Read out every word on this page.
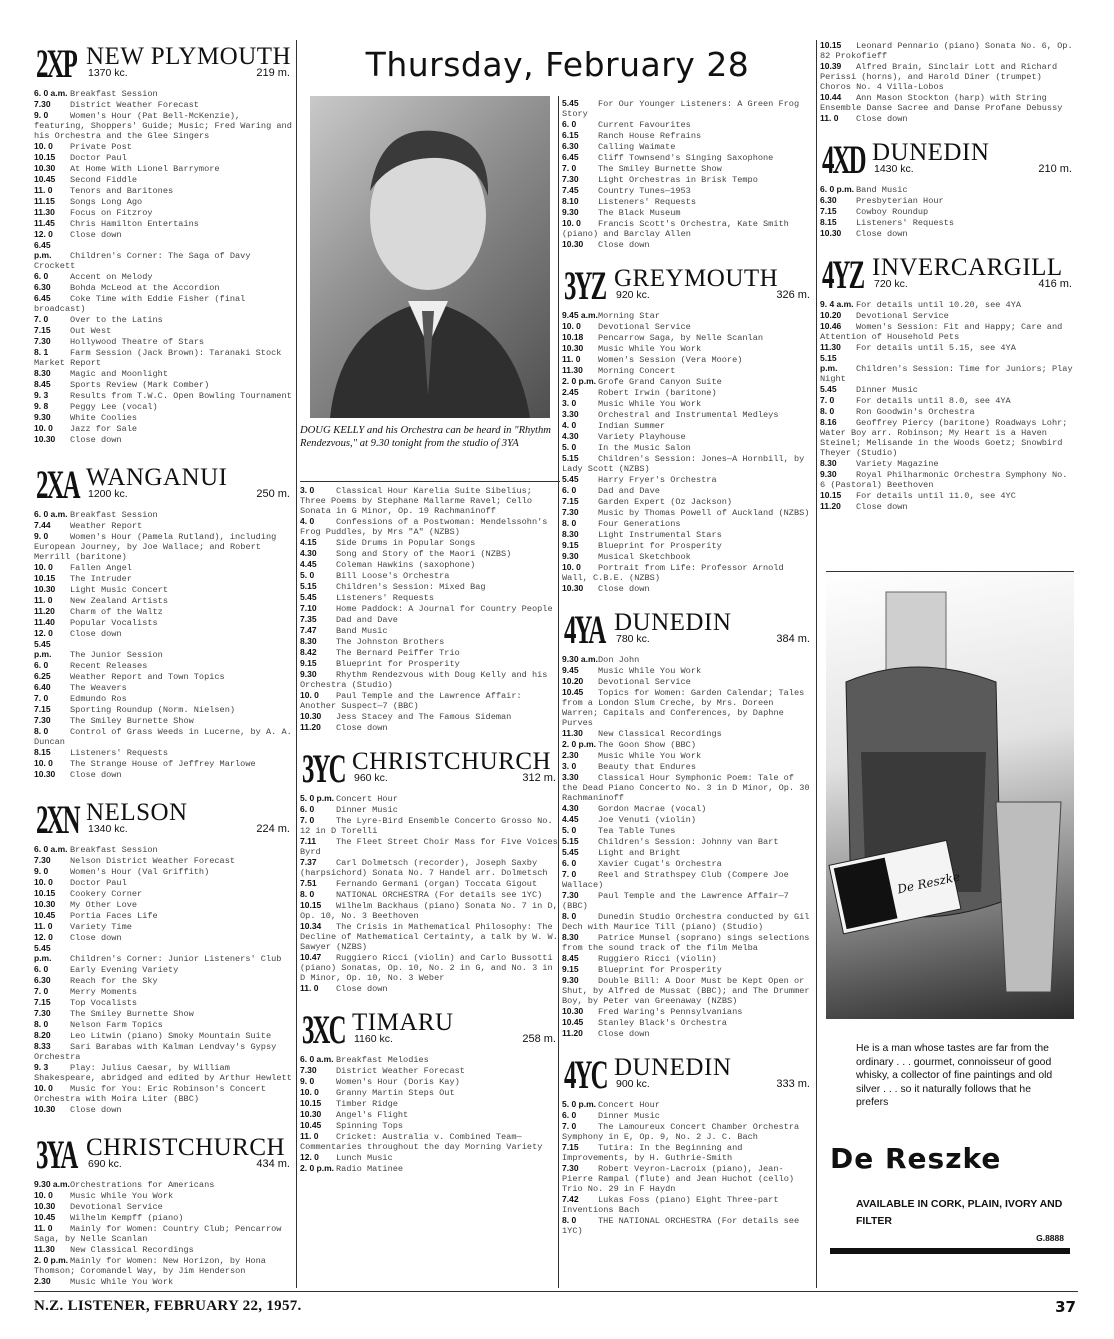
Thursday, February 28
2XP NEW PLYMOUTH
1370 kc.	219 m.
6. 0 a.m. Breakfast Session
7.30 District Weather Forecast
9. 0	Women's Hour (Pat Bell-McKenzie), featuring, Shoppers' Guide; Music; Fred Waring and his Orchestra and the Glee Singers
10. 0 Private Post
10.15 Doctor Paul
10.30 At Home With Lionel Barrymore
10.45 Second Fiddle
11. 0 Tenors and Baritones
11.15 Songs Long Ago
11.30 Focus on Fitzroy
11.45 Chris Hamilton Entertains
12. 0 Close down
6.45 p.m. Children's Corner: The Saga of Davy Crockett
6. 0	Accent on Melody
6.30 Bohda McLeod at the Accordion
6.45 Coke Time with Eddie Fisher (final broadcast)
7. 0	Over to the Latins
7.15 Out West
7.30 Hollywood Theatre of Stars
8. 1	Farm Session (Jack Brown): Taranaki Stock Market Report
8.30 Magic and Moonlight
8.45 Sports Review (Mark Comber)
9. 3	Results from T.W.C. Open Bowling Tournament
9. 8	Peggy Lee (vocal)
9.30 White Coolies
10. 0 Jazz for Sale
10.30 Close down
2XA WANGANUI
1200 kc.	250 m.
6. 0 a.m. Breakfast Session
7.44 Weather Report
9. 0	Women's Hour (Pamela Rutland), including European Journey, by Joe Wallace; and Robert Merrill (baritone)
10. 0 Fallen Angel
10.15 The Intruder
10.30 Light Music Concert
11. 0 New Zealand Artists
11.20 Charm of the Waltz
11.40 Popular Vocalists
12. 0 Close down
5.45 p.m. The Junior Session
6. 0	Recent Releases
6.25 Weather Report and Town Topics
6.40 The Weavers
7. 0	Edmundo Ros
7.15 Sporting Roundup (Norm. Nielsen)
7.30 The Smiley Burnette Show
8. 0	Control of Grass Weeds in Lucerne, by A. A. Duncan
8.15 Listeners' Requests
10. 0 The Strange House of Jeffrey Marlowe
10.30 Close down
2XN NELSON
1340 kc.	224 m.
6. 0 a.m. Breakfast Session
7.30 Nelson District Weather Forecast
9. 0	Women's Hour (Val Griffith)
10. 0 Doctor Paul
10.15 Cookery Corner
10.30 My Other Love
10.45 Portia Faces Life
11. 0 Variety Time
12. 0 Close down
5.45 p.m. Children's Corner: Junior Listeners' Club
6. 0	Early Evening Variety
6.30 Reach for the Sky
7. 0	Merry Moments
7.15 Top Vocalists
7.30 The Smiley Burnette Show
8. 0	Nelson Farm Topics
8.20 Leo Litwin (piano) Smoky Mountain Suite
8.33 Sari Barabas with Kalman Lendvay's Gypsy Orchestra
9. 3	Play: Julius Caesar, by William Shakespeare, abridged and edited by Arthur Hewlett
10. 0 Music for You: Eric Robinson's Concert Orchestra with Moira Liter (BBC)
10.30 Close down
3YA CHRISTCHURCH
690 kc.	434 m.
9.30 a.m.Orchestrations for Americans
10. 0 Music While You Work
10.30 Devotional Service
10.45 Wilhelm Kempff (piano)
11. 0 Mainly for Women: Country Club; Pencarrow Saga, by Nelle Scanlan
11.30 New Classical Recordings
2. 0 p.m. Mainly for Women: New Horizon, by Hona Thomson; Coromandel Way, by Jim Henderson
2.30 Music While You Work
DOUG KELLY and his Orchestra can be heard in "Rhythm Rendezvous," at 9.30 tonight from the studio of 3YA
3. 0	Classical Hour Karelia Suite Sibelius; Three Poems by Stephane Mallarme Ravel; Cello Sonata in G Minor, Op. 19 Rachmaninoff
4. 0	Confessions of a Postwoman: Mendelssohn's Frog Puddles, by Mrs "A" (NZBS)
4.15 Side Drums in Popular Songs
4.30 Song and Story of the Maori (NZBS)
4.45 Coleman Hawkins (saxophone)
5. 0	Bill Loose's Orchestra
5.15 Children's Session: Mixed Bag
5.45 Listeners' Requests
7.10 Home Paddock: A Journal for Country People
7.35 Dad and Dave
7.47 Band Music
8.30 The Johnston Brothers
8.42 The Bernard Peiffer Trio
9.15 Blueprint for Prosperity
9.30 Rhythm Rendezvous with Doug Kelly and his Orchestra (Studio)
10. 0 Paul Temple and the Lawrence Affair: Another Suspect—7 (BBC)
10.30 Jess Stacey and The Famous Sideman
11.20 Close down
3YC CHRISTCHURCH
960 kc.	312 m.
5. 0 p.m. Concert Hour
6. 0	Dinner Music
7. 0	The Lyre-Bird Ensemble Concerto Grosso No. 12 in D Torelli
7.11 The Fleet Street Choir Mass for Five Voices Byrd
7.37 Carl Dolmetsch (recorder), Joseph Saxby (harpsichord) Sonata No. 7 Handel arr. Dolmetsch
7.51 Fernando Germani (organ) Toccata Gigout
8. 0	NATIONAL ORCHESTRA (For details see 1YC)
10.15 Wilhelm Backhaus (piano) Sonata No. 7 in D, Op. 10, No. 3 Beethoven
10.34 The Crisis in Mathematical Philosophy: The Decline of Mathematical Certainty, a talk by W. W. Sawyer (NZBS)
10.47 Ruggiero Ricci (violin) and Carlo Bussotti (piano) Sonatas, Op. 10, No. 2 in G, and No. 3 in D Minor, Op. 10, No. 3 Weber
11. 0 Close down
3XC TIMARU
1160 kc.	258 m.
6. 0 a.m. Breakfast Melodies
7.30 District Weather Forecast
9. 0	Women's Hour (Doris Kay)
10. 0 Granny Martin Steps Out
10.15 Timber Ridge
10.30 Angel's Flight
10.45 Spinning Tops
11. 0 Cricket: Australia v. Combined Team—Commentaries throughout the day Morning Variety
12. 0 Lunch Music
2. 0 p.m. Radio Matinee
5.45 For Our Younger Listeners: A Green Frog Story
6. 0	Current Favourites
6.15 Ranch House Refrains
6.30 Calling Waimate
6.45 Cliff Townsend's Singing Saxophone
7. 0	The Smiley Burnette Show
7.30 Light Orchestras in Brisk Tempo
7.45 Country Tunes—1953
8.10 Listeners' Requests
9.30 The Black Museum
10. 0 Francis Scott's Orchestra, Kate Smith (piano) and Barclay Allen
10.30 Close down
3YZ GREYMOUTH
920 kc.	326 m.
9.45 a.m.Morning Star
10. 0 Devotional Service
10.18 Pencarrow Saga, by Nelle Scanlan
10.30 Music While You Work
11. 0 Women's Session (Vera Moore)
11.30 Morning Concert
2. 0 p.m. Grofe Grand Canyon Suite
2.45 Robert Irwin (baritone)
3. 0	Music While You Work
3.30 Orchestral and Instrumental Medleys
4. 0	Indian Summer
4.30 Variety Playhouse
5. 0	In the Music Salon
5.15 Children's Session: Jones—A Hornbill, by Lady Scott (NZBS)
5.45 Harry Fryer's Orchestra
6. 0	Dad and Dave
7.15 Garden Expert (Oz Jackson)
7.30 Music by Thomas Powell of Auckland (NZBS)
8. 0	Four Generations
8.30 Light Instrumental Stars
9.15 Blueprint for Prosperity
9.30 Musical Sketchbook
10. 0 Portrait from Life: Professor Arnold Wall, C.B.E. (NZBS)
10.30 Close down
4YA DUNEDIN
780 kc.	384 m.
9.30 a.m.Don John
9.45 Music While You Work
10.20 Devotional Service
10.45 Topics for Women: Garden Calendar; Tales from a London Slum Creche, by Mrs. Doreen Warren; Capitals and Conferences, by Daphne Purves
11.30 New Classical Recordings
2. 0 p.m. The Goon Show (BBC)
2.30 Music While You Work
3. 0	Beauty that Endures
3.30 Classical Hour Symphonic Poem: Tale of the Dead Piano Concerto No. 3 in D Minor, Op. 30 Rachmaninoff
4.30 Gordon Macrae (vocal)
4.45 Joe Venuti (violin)
5. 0	Tea Table Tunes
5.15 Children's Session: Johnny van Bart
5.45 Light and Bright
6. 0	Xavier Cugat's Orchestra
7. 0	Reel and Strathspey Club (Compere Joe Wallace)
7.30 Paul Temple and the Lawrence Affair—7 (BBC)
8. 0	Dunedin Studio Orchestra conducted by Gil Dech with Maurice Till (piano) (Studio)
8.30 Patrice Munsel (soprano) sings selections from the sound track of the film Melba
8.45 Ruggiero Ricci (violin)
9.15 Blueprint for Prosperity
9.30 Double Bill: A Door Must be Kept Open or Shut, by Alfred de Mussat (BBC); and The Drummer Boy, by Peter van Greenaway (NZBS)
10.30 Fred Waring's Pennsylvanians
10.45 Stanley Black's Orchestra
11.20 Close down
4YC DUNEDIN
900 kc.	333 m.
5. 0 p.m. Concert Hour
6. 0	Dinner Music
7. 0	The Lamoureux Concert Chamber Orchestra Symphony in E, Op. 9, No. 2 J. C. Bach
7.15 Tutira: In the Beginning and Improvements, by H. Guthrie-Smith
7.30 Robert Veyron-Lacroix (piano), Jean-Pierre Rampal (flute) and Jean Huchot (cello) Trio No. 29 in F Haydn
7.42 Lukas Foss (piano) Eight Three-part Inventions Bach
8. 0	THE NATIONAL ORCHESTRA (For details see 1YC)
10.15 Leonard Pennario (piano) Sonata No. 6, Op. 82 Prokofieff
10.39 Alfred Brain, Sinclair Lott and Richard Perissi (horns), and Harold Diner (trumpet) Choros No. 4 Villa-Lobos
10.44 Ann Mason Stockton (harp) with String Ensemble Danse Sacree and Danse Profane Debussy
11. 0 Close down
4XD DUNEDIN
1430 kc.	210 m.
6. 0 p.m. Band Music
6.30 Presbyterian Hour
7.15 Cowboy Roundup
8.15 Listeners' Requests
10.30 Close down
4YZ INVERCARGILL
720 kc.	416 m.
9. 4 a.m. For details until 10.20, see 4YA
10.20 Devotional Service
10.46 Women's Session: Fit and Happy; Care and Attention of Household Pets
11.30 For details until 5.15, see 4YA
5.15 p.m. Children's Session: Time for Juniors; Play Night
5.45 Dinner Music
7. 0	For details until 8.0, see 4YA
8. 0	Ron Goodwin's Orchestra
8.16 Geoffrey Piercy (baritone) Roadways Lohr; Water Boy arr. Robinson; My Heart is a Haven Steinel; Melisande in the Woods Goetz; Snowbird Theyer (Studio)
8.30 Variety Magazine
9.30 Royal Philharmonic Orchestra Symphony No. 6 (Pastoral) Beethoven
10.15 For details until 11.0, see 4YC
11.20 Close down
De Reszke
He is a man whose tastes are far from the ordinary . . . gourmet, connoisseur of good whisky, a collector of fine paintings and old silver . . . so it naturally follows that he prefers
De Reszke
AVAILABLE IN CORK, PLAIN, IVORY AND FILTER
G.8888
N.Z. LISTENER, FEBRUARY 22, 1957.	37
